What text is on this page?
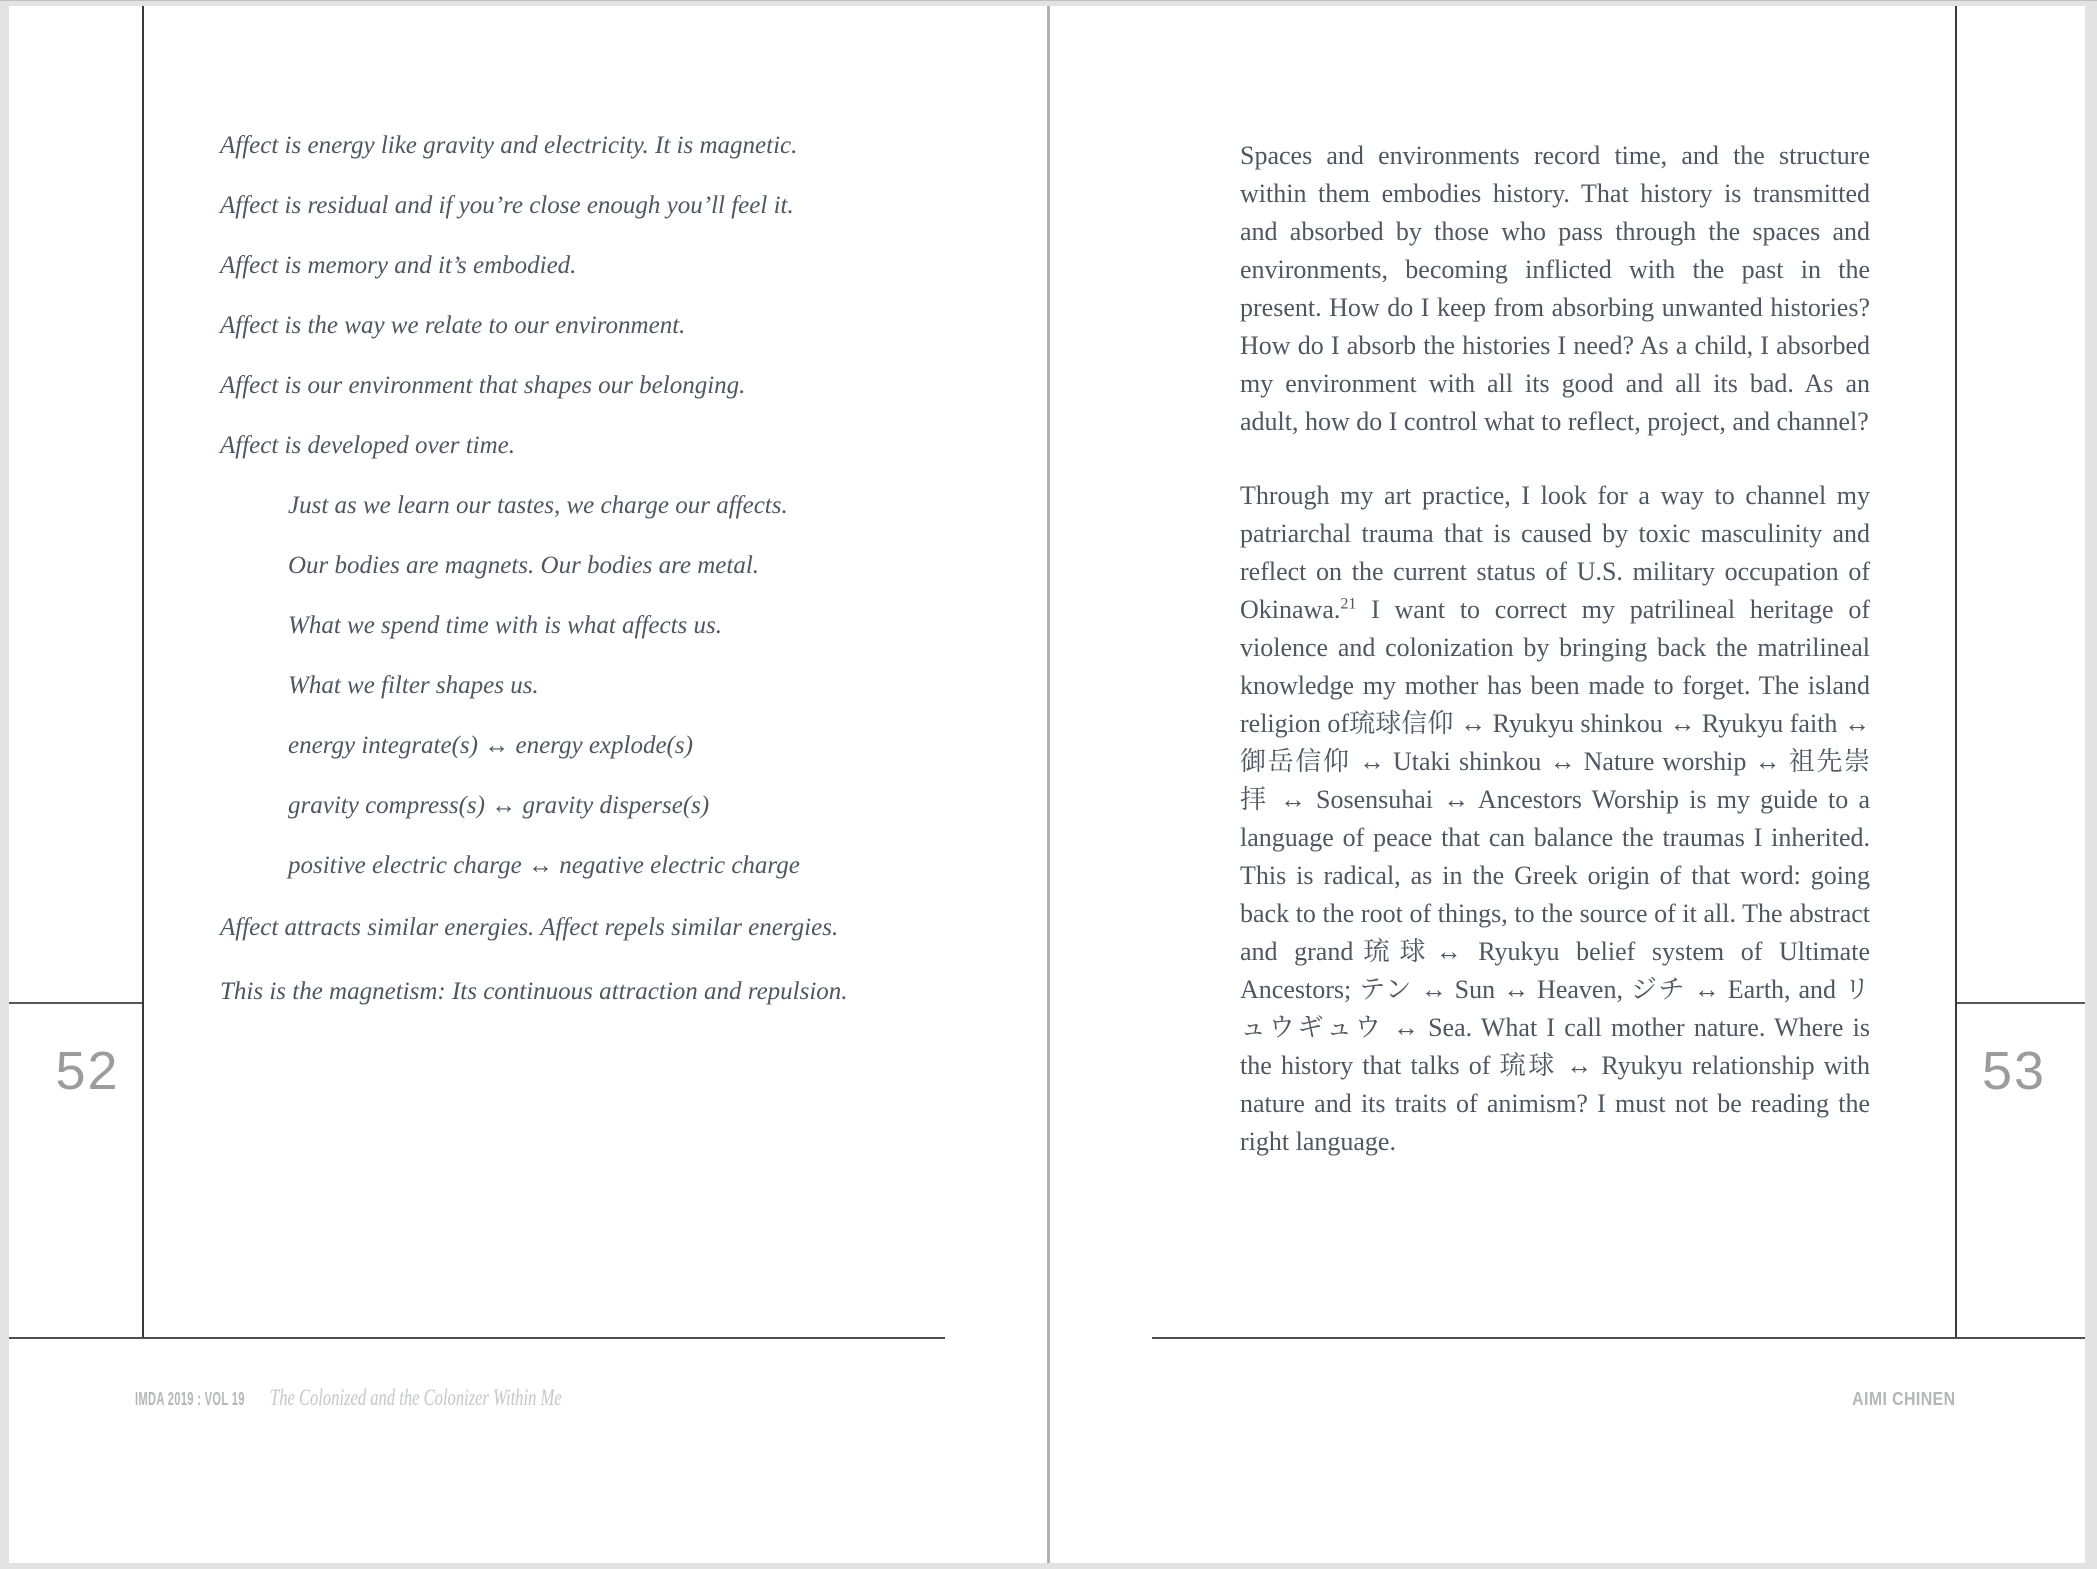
52	53
Affect is energy like gravity and electricity. It is magnetic.
Affect is residual and if you’re close enough you’ll feel it.
Affect is memory and it’s embodied.
Affect is the way we relate to our environment.
Affect is our environment that shapes our belonging.
Affect is developed over time.
Just as we learn our tastes, we charge our affects.
Our bodies are magnets. Our bodies are metal.
What we spend time with is what affects us.
What we filter shapes us.
energy integrate(s) ↔ energy explode(s)
gravity compress(s) ↔ gravity disperse(s)
positive electric charge ↔ negative electric charge

Affect attracts similar energies. Affect repels similar energies.

This is the magnetism: Its continuous attraction and repulsion.

Spaces and environments record time, and the structure within them embodies history. That history is transmitted and absorbed by those who pass through the spaces and environments, becoming inflicted with the past in the present. How do I keep from absorbing unwanted histories? How do I absorb the histories I need? As a child, I absorbed my environment with all its good and all its bad. As an adult, how do I control what to reflect, project, and channel?

Through my art practice, I look for a way to channel my patriarchal trauma that is caused by toxic masculinity and reflect on the current status of U.S. military occupation of Okinawa.$^{21}$ I want to correct my patrilineal heritage of violence and colonization by bringing back the matrilineal knowledge my mother has been made to forget. The island religion of琉球信仰 ↔ Ryukyu shinkou ↔ Ryukyu faith ↔ 御岳信仰 ↔ Utaki shinkou ↔ Nature worship ↔ 祖先崇拝 ↔ Sosensuhai ↔ Ancestors Worship is my guide to a language of peace that can balance the traumas I inherited. This is radical, as in the Greek origin of that word: going back to the root of things, to the source of it all. The abstract and grand琉球↔ Ryukyu belief system of Ultimate Ancestors; テン ↔ Sun ↔ Heaven, ジチ ↔ Earth, and リュウギュウ ↔ Sea. What I call mother nature. Where is the history that talks of 琉球 ↔ Ryukyu relationship with nature and its traits of animism? I must not be reading the right language.

IMDA 2019 : VOL 19 The Colonized and the Colonizer Within Me	AIMI CHINEN
